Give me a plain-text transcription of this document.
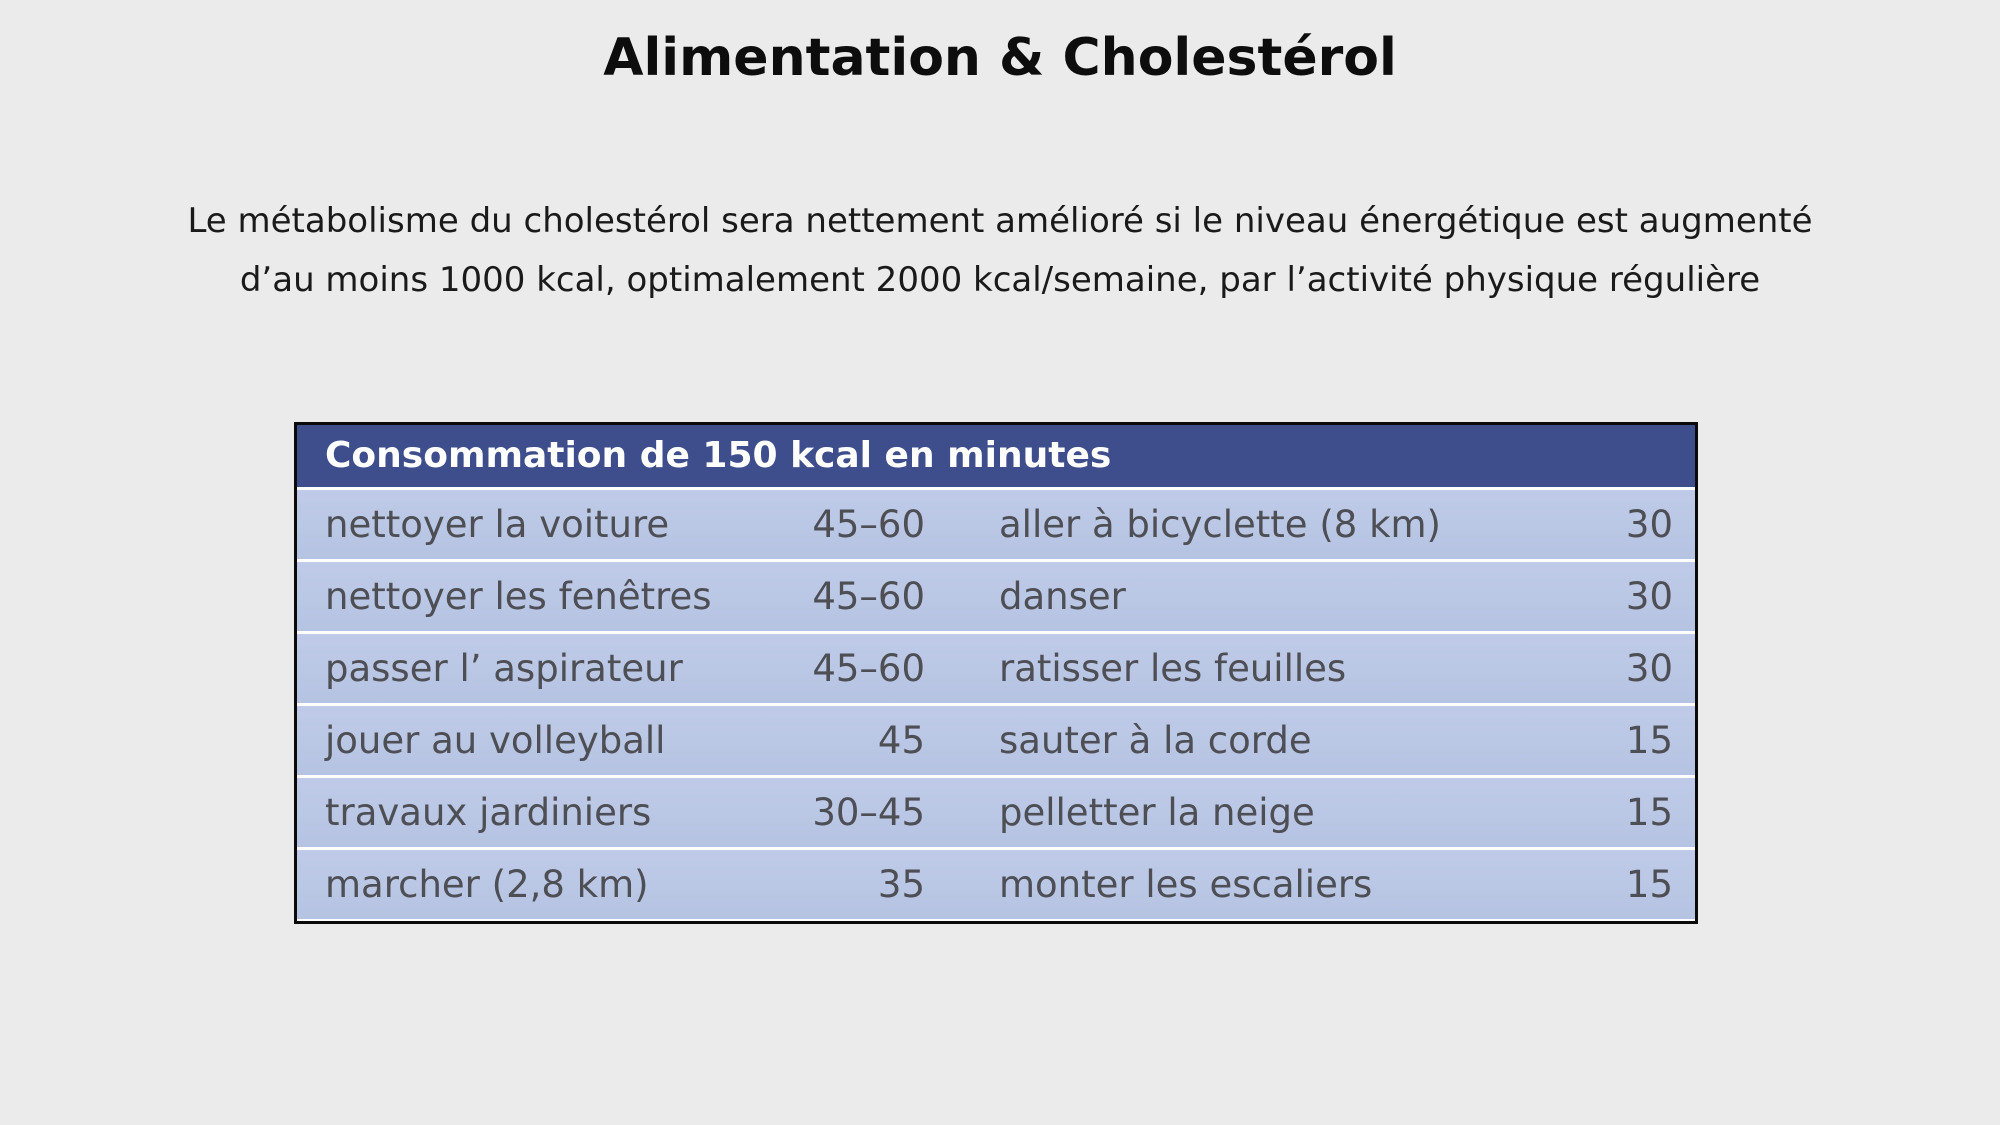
Alimentation & Cholestérol
Le métabolisme du cholestérol sera nettement amélioré si le niveau énergétique est augmenté
d’au moins 1000 kcal, optimalement 2000 kcal/semaine, par l’activité physique régulière
Consommation de 150 kcal en minutes
nettoyer la voiture	45–60 aller à bicyclette (8 km)	30
nettoyer les fenêtres	45–60 danser	30
passer l’ aspirateur	45–60 ratisser les feuilles	30
jouer au volleyball	45 sauter à la corde	15
travaux jardiniers	30–45 pelletter la neige	15
marcher (2,8 km)	35 monter les escaliers	15
